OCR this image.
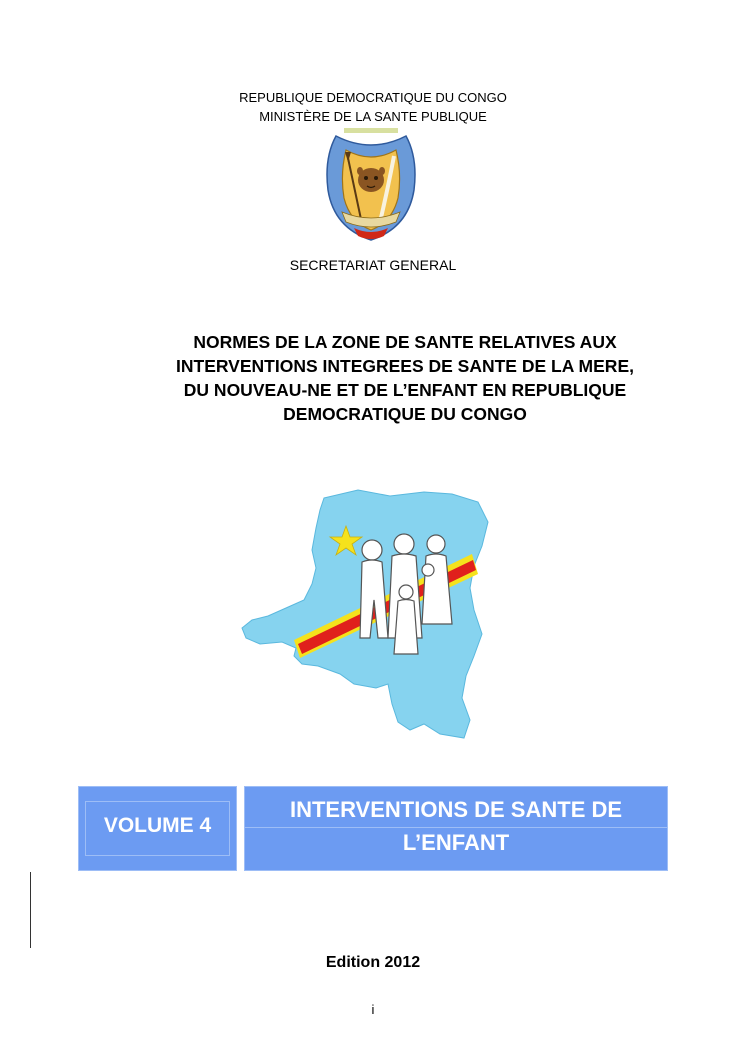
REPUBLIQUE DEMOCRATIQUE DU CONGO
MINISTÈRE DE LA SANTE PUBLIQUE
SECRETARIAT GENERAL
NORMES DE LA ZONE DE SANTE RELATIVES AUX
INTERVENTIONS INTEGREES DE SANTE DE LA MERE,
DU NOUVEAU-NE ET DE L’ENFANT EN REPUBLIQUE
DEMOCRATIQUE DU CONGO
VOLUME 4
INTERVENTIONS DE SANTE DE
L’ENFANT
Edition 2012
i
